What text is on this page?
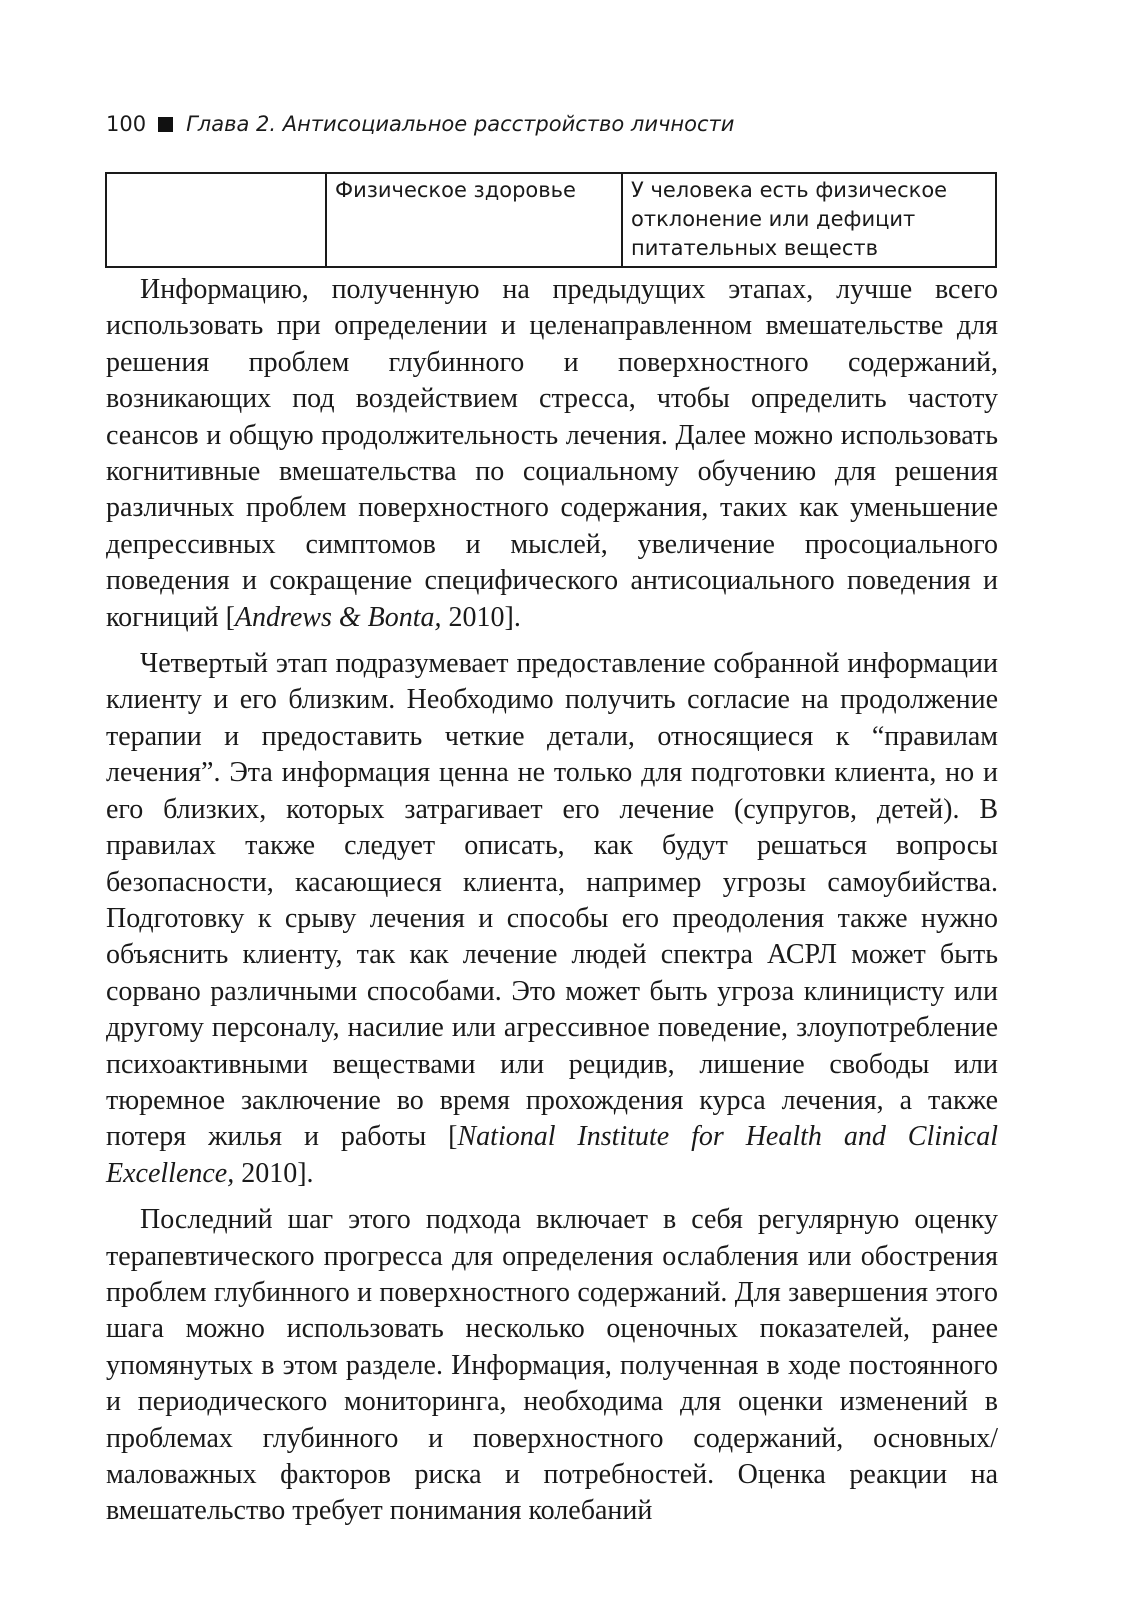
100 Глава 2. Антисоциальное расстройство личности
	Физическое здоровье	У человека есть физическое отклонение или дефицит питательных веществ

Информацию, полученную на предыдущих этапах, лучше всего использовать при определении и целенаправленном вмешательстве для решения проблем глубинного и поверхностного содержаний, возникающих под воздействием стресса, чтобы определить частоту сеансов и общую продолжительность лечения. Далее можно использовать когнитивные вмешательства по социальному обучению для решения различных проблем поверхностного содержания, таких как уменьшение депрессивных симптомов и мыслей, увеличение просоциального поведения и сокращение специфического антисоциального поведения и когниций [Andrews & Bonta, 2010].

Четвертый этап подразумевает предоставление собранной информации клиенту и его близким. Необходимо получить согласие на продолжение терапии и предоставить четкие детали, относящиеся к “правилам лечения”. Эта информация ценна не только для подготовки клиента, но и его близких, которых затрагивает его лечение (супругов, детей). В правилах также следует описать, как будут решаться вопросы безопасности, касающиеся клиента, например угрозы самоубийства. Подготовку к срыву лечения и способы его преодоления также нужно объяснить клиенту, так как лечение людей спектра АСРЛ может быть сорвано различными способами. Это может быть угроза клиницисту или другому персоналу, насилие или агрессивное поведение, злоупотребление психоактивными веществами или рецидив, лишение свободы или тюремное заключение во время прохождения курса лечения, а также потеря жилья и работы [National Institute for Health and Clinical Excellence, 2010].

Последний шаг этого подхода включает в себя регулярную оценку терапевтического прогресса для определения ослабления или обострения проблем глубинного и поверхностного содержаний. Для завершения этого шага можно использовать несколько оценочных показателей, ранее упомянутых в этом разделе. Информация, полученная в ходе постоянного и периодического мониторинга, необходима для оценки изменений в проблемах глубинного и поверхностного содержаний, основных/маловажных факторов риска и потребностей. Оценка реакции на вмешательство требует понимания колебаний
